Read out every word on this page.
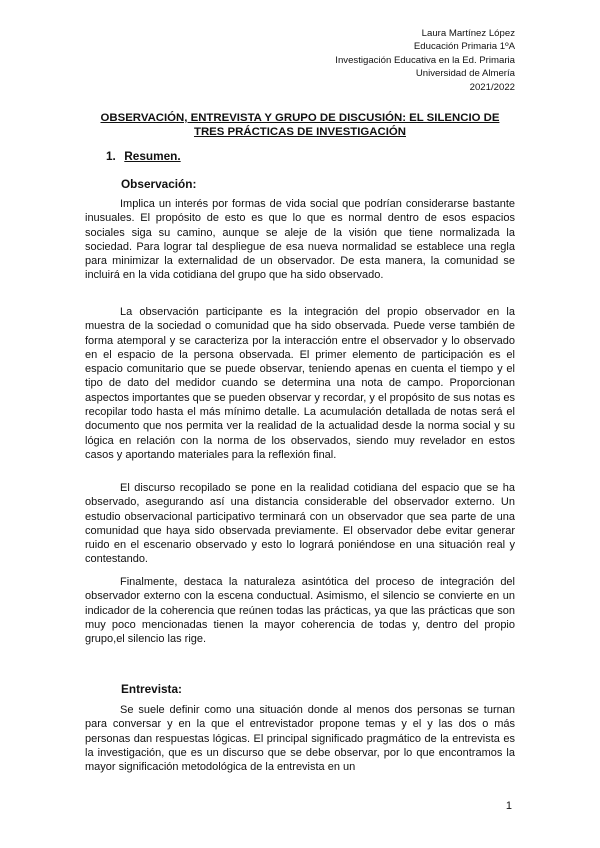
Laura Martínez López
Educación Primaria 1ºA
Investigación Educativa en la Ed. Primaria
Universidad de Almería
2021/2022
OBSERVACIÓN, ENTREVISTA Y GRUPO DE DISCUSIÓN: EL SILENCIO DE TRES PRÁCTICAS DE INVESTIGACIÓN
1. Resumen.
Observación:

Implica un interés por formas de vida social que podrían considerarse bastante inusuales. El propósito de esto es que lo que es normal dentro de esos espacios sociales siga su camino, aunque se aleje de la visión que tiene normalizada la sociedad. Para lograr tal despliegue de esa nueva normalidad se establece una regla para minimizar la externalidad de un observador. De esta manera, la comunidad se incluirá en la vida cotidiana del grupo que ha sido observado.

La observación participante es la integración del propio observador en la muestra de la sociedad o comunidad que ha sido observada. Puede verse también de forma atemporal y se caracteriza por la interacción entre el observador y lo observado en el espacio de la persona observada. El primer elemento de participación es el espacio comunitario que se puede observar, teniendo apenas en cuenta el tiempo y el tipo de dato del medidor cuando se determina una nota de campo. Proporcionan aspectos importantes que se pueden observar y recordar, y el propósito de sus notas es recopilar todo hasta el más mínimo detalle. La acumulación detallada de notas será el documento que nos permita ver la realidad de la actualidad desde la norma social y su lógica en relación con la norma de los observados, siendo muy revelador en estos casos y aportando materiales para la reflexión final.

El discurso recopilado se pone en la realidad cotidiana del espacio que se ha observado, asegurando así una distancia considerable del observador externo. Un estudio observacional participativo terminará con un observador que sea parte de una comunidad que haya sido observada previamente. El observador debe evitar generar ruido en el escenario observado y esto lo logrará poniéndose en una situación real y contestando.

Finalmente, destaca la naturaleza asintótica del proceso de integración del observador externo con la escena conductual. Asimismo, el silencio se convierte en un indicador de la coherencia que reúnen todas las prácticas, ya que las prácticas que son muy poco mencionadas tienen la mayor coherencia de todas y, dentro del propio grupo,el silencio las rige.

Entrevista:

Se suele definir como una situación donde al menos dos personas se turnan para conversar y en la que el entrevistador propone temas y el y las dos o más personas dan respuestas lógicas. El principal significado pragmático de la entrevista es la investigación, que es un discurso que se debe observar, por lo que encontramos la mayor significación metodológica de la entrevista en un

1
